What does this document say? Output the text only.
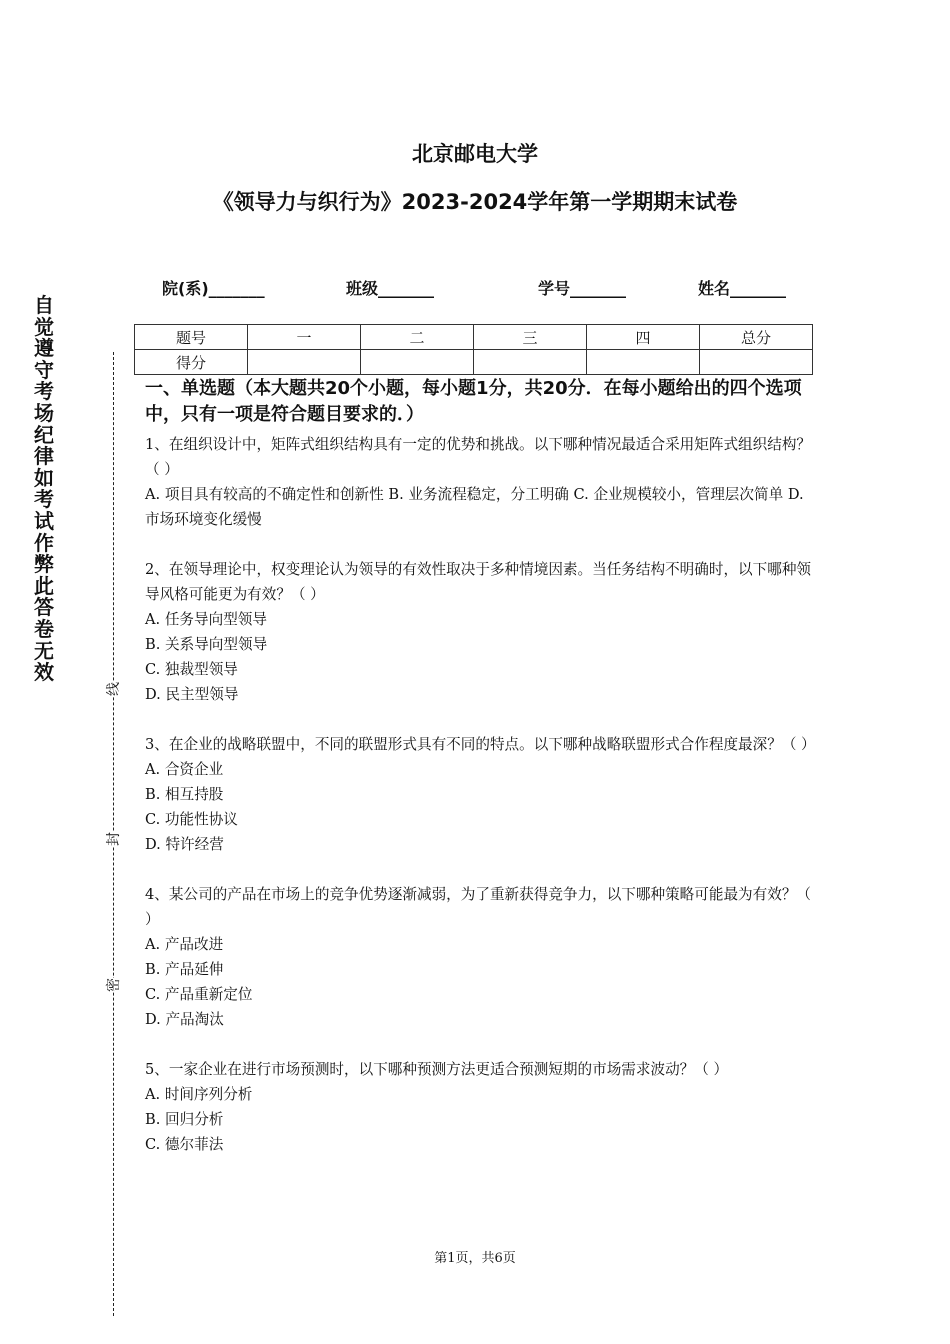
北京邮电大学
《领导力与织行为》2023-2024学年第一学期期末试卷
院(系)_______	班级_______	学号_______	姓名_______
题号	一	二	三	四	总分
得分					
自
觉
遵
守
考
场
纪
律
如
考
试
作
弊
此
答
卷
无
效
线
封
密
一、单选题（本大题共20个小题，每小题1分，共20分．在每小题给出的四个选项中，只有一项是符合题目要求的．）

1、在组织设计中，矩阵式组织结构具有一定的优势和挑战。以下哪种情况最适合采用矩阵式组织结构？（ ）

A. 项目具有较高的不确定性和创新性 B. 业务流程稳定，分工明确 C. 企业规模较小，管理层次简单 D. 市场环境变化缓慢

2、在领导理论中，权变理论认为领导的有效性取决于多种情境因素。当任务结构不明确时，以下哪种领导风格可能更为有效？（ ）

A. 任务导向型领导

B. 关系导向型领导

C. 独裁型领导

D. 民主型领导

3、在企业的战略联盟中，不同的联盟形式具有不同的特点。以下哪种战略联盟形式合作程度最深？（ ）

A. 合资企业

B. 相互持股

C. 功能性协议

D. 特许经营

4、某公司的产品在市场上的竞争优势逐渐减弱，为了重新获得竞争力，以下哪种策略可能最为有效？（ ）

A. 产品改进

B. 产品延伸

C. 产品重新定位

D. 产品淘汰

5、一家企业在进行市场预测时，以下哪种预测方法更适合预测短期的市场需求波动？（ ）

A. 时间序列分析

B. 回归分析

C. 德尔菲法

第1页，共6页
